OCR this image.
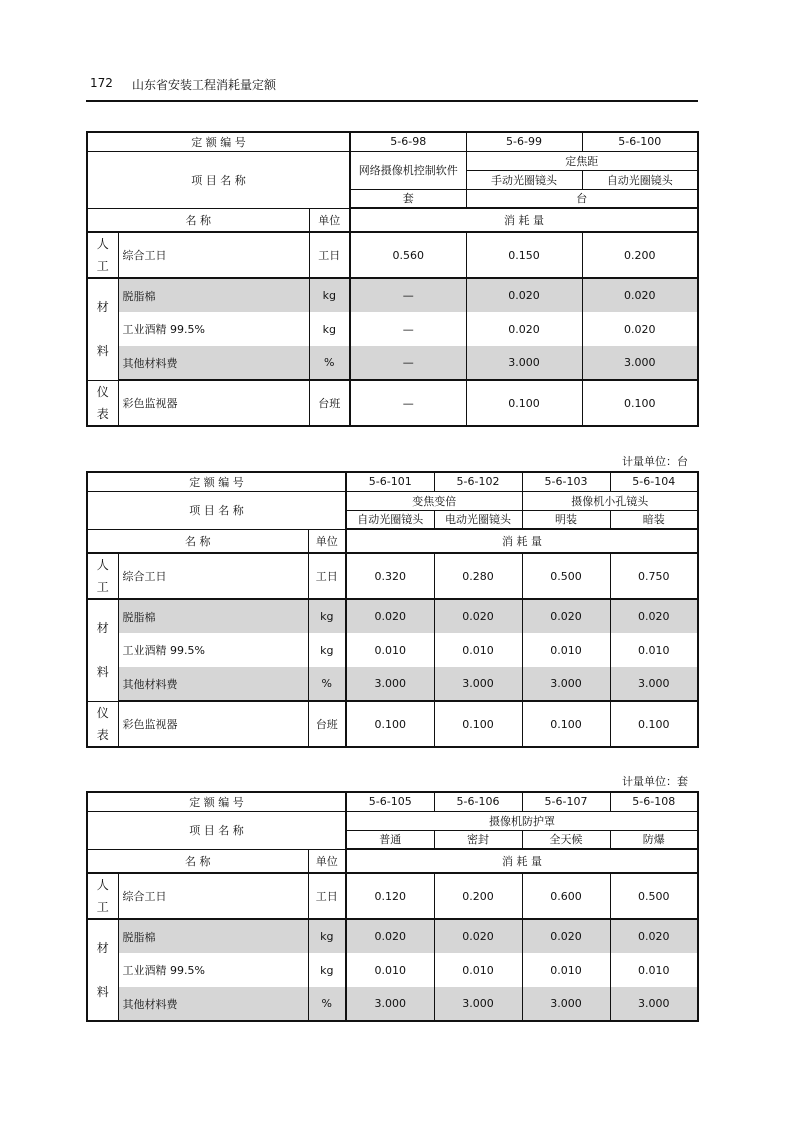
172 山东省安装工程消耗量定额
定 额 编 号			5-6-98	5-6-99	5-6-100
项 目 名 称			网络摄像机控制软件	定焦距	
				手动光圈镜头	自动光圈镜头
			套	台	
名 称		单位	消 耗 量		
人
工	综合工日	工日	0.560	0.150	0.200
材

料	脱脂棉	kg	—	0.020	0.020
	工业酒精 99.5%	kg	—	0.020	0.020
	其他材料费	%	—	3.000	3.000
仪
表	彩色监视器	台班	—	0.100	0.100
计量单位：台
定 额 编 号			5-6-101	5-6-102	5-6-103	5-6-104
项 目 名 称			变焦变倍		摄像机小孔镜头	
			自动光圈镜头	电动光圈镜头	明装	暗装
名 称		单位	消 耗 量			
人
工	综合工日	工日	0.320	0.280	0.500	0.750
材

料	脱脂棉	kg	0.020	0.020	0.020	0.020
	工业酒精 99.5%	kg	0.010	0.010	0.010	0.010
	其他材料费	%	3.000	3.000	3.000	3.000
仪
表	彩色监视器	台班	0.100	0.100	0.100	0.100
计量单位：套
定 额 编 号			5-6-105	5-6-106	5-6-107	5-6-108
项 目 名 称			摄像机防护罩			
			普通	密封	全天候	防爆
名 称		单位	消 耗 量			
人
工	综合工日	工日	0.120	0.200	0.600	0.500
材

料	脱脂棉	kg	0.020	0.020	0.020	0.020
	工业酒精 99.5%	kg	0.010	0.010	0.010	0.010
	其他材料费	%	3.000	3.000	3.000	3.000
